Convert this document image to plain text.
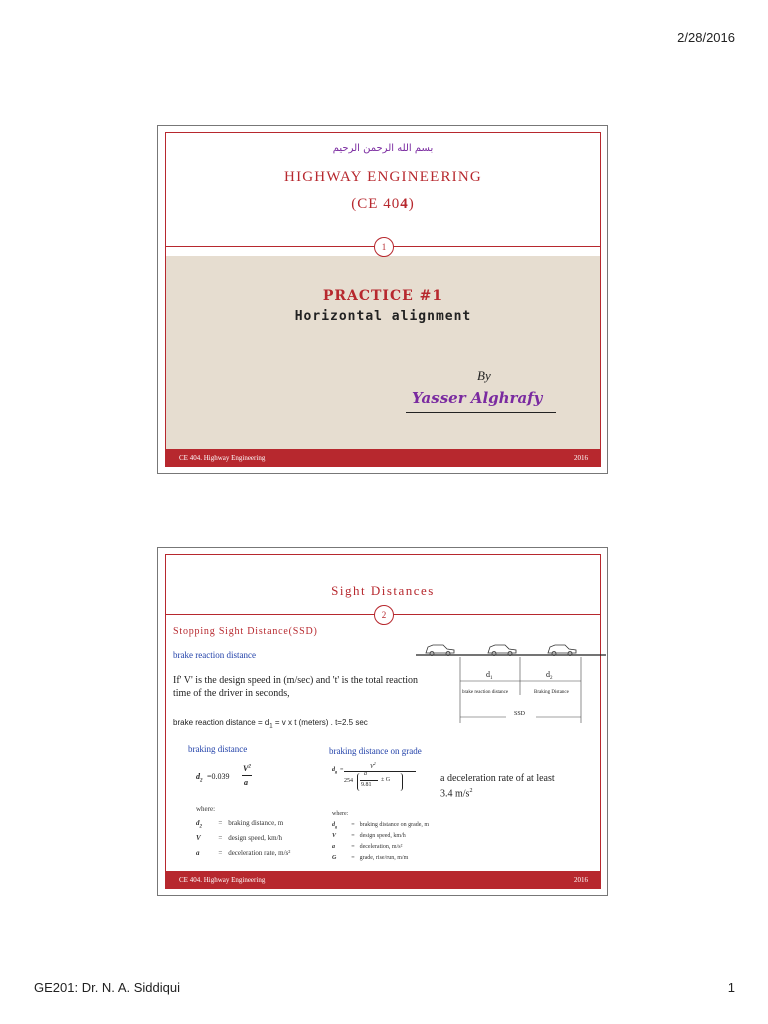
2/28/2016
بسم الله الرحمن الرحيم
HIGHWAY ENGINEERING
(CE 404)
PRACTICE #1
Horizontal alignment
By
Yasser Alghrafy
1
CE 404. Highway Engineering	2016
Sight Distances
2
Stopping Sight Distance(SSD)
brake reaction distance
If' V' is the design speed in (m/sec) and 't' is the total reaction time of the driver in seconds,
brake reaction distance = $d_1 = v$ x t (meters) . t=2.5 sec
$d_1$	$d_2$
brake reaction distance	Braking Distance
SSD
braking distance	braking distance on grade
$d_2$
=0.039
$V^2$
a
$d_g$ =	$V^2$
254
a
9.81
± G	a deceleration rate of at least
3.4 $m/s^2$
where:
$d_2$ = braking distance, m
V	= design speed, km/h
a	= deceleration rate, m/s²
where:
$d_g$ = braking distance on grade, m
V	= design speed, km/h
a	= deceleration, m/s²
G = grade, rise/run, m/m
CE 404. Highway Engineering	2016
GE201: Dr. N. A. Siddiqui	1
